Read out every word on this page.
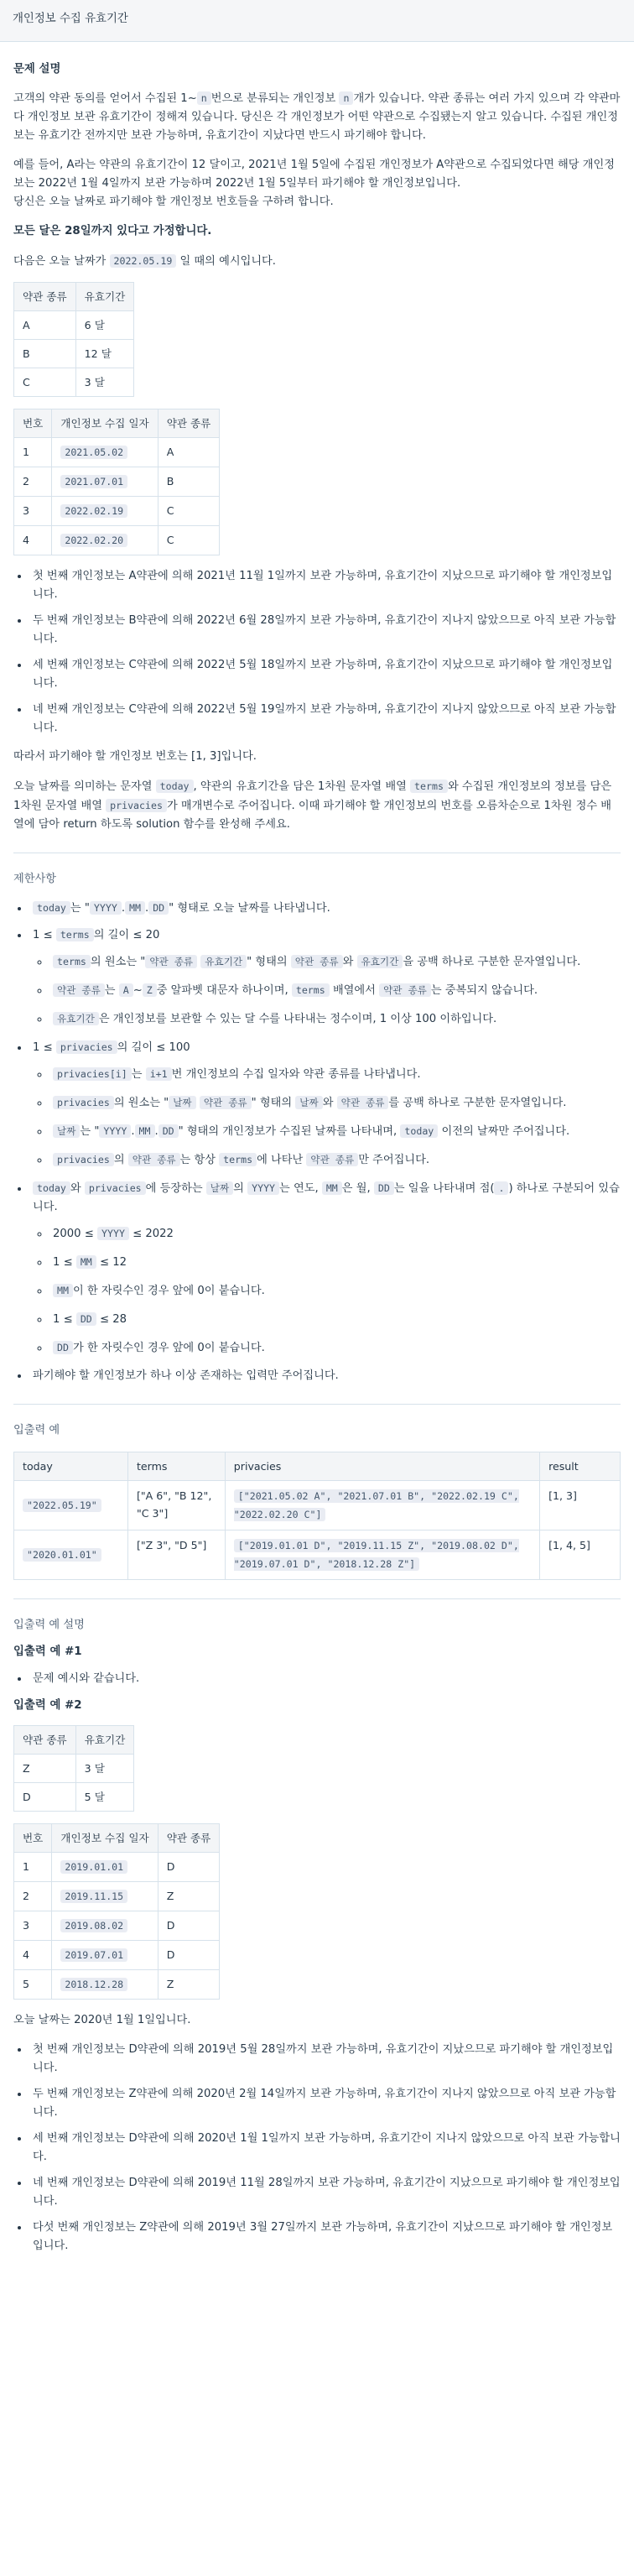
개인정보 수집 유효기간
문제 설명

고객의 약관 동의를 얻어서 수집된 1~ n 번으로 분류되는 개인정보 n 개가 있습니다. 약관 종류는 여러 가지 있으며 각 약관마다 개인정보 보관 유효기간이 정해져 있습니다. 당신은 각 개인정보가 어떤 약관으로 수집됐는지 알고 있습니다. 수집된 개인정보는 유효기간 전까지만 보관 가능하며, 유효기간이 지났다면 반드시 파기해야 합니다.

예를 들어, A라는 약관의 유효기간이 12 달이고, 2021년 1월 5일에 수집된 개인정보가 A약관으로 수집되었다면 해당 개인정보는 2022년 1월 4일까지 보관 가능하며 2022년 1월 5일부터 파기해야 할 개인정보입니다.
당신은 오늘 날짜로 파기해야 할 개인정보 번호들을 구하려 합니다.

모든 달은 28일까지 있다고 가정합니다.

다음은 오늘 날짜가 2022.05.19 일 때의 예시입니다.

약관 종류	유효기간
A	6 달
B	12 달
C	3 달
번호	개인정보 수집 일자	약관 종류
1	2021.05.02	A
2	2021.07.01	B
3	2022.02.19	C
4	2022.02.20	C
• 첫 번째 개인정보는 A약관에 의해 2021년 11월 1일까지 보관 가능하며, 유효기간이 지났으므로 파기해야 할 개인정보입니다.
• 두 번째 개인정보는 B약관에 의해 2022년 6월 28일까지 보관 가능하며, 유효기간이 지나지 않았으므로 아직 보관 가능합니다.
• 세 번째 개인정보는 C약관에 의해 2022년 5월 18일까지 보관 가능하며, 유효기간이 지났으므로 파기해야 할 개인정보입니다.
• 네 번째 개인정보는 C약관에 의해 2022년 5월 19일까지 보관 가능하며, 유효기간이 지나지 않았으므로 아직 보관 가능합니다.

따라서 파기해야 할 개인정보 번호는 [1, 3]입니다.

오늘 날짜를 의미하는 문자열 today , 약관의 유효기간을 담은 1차원 문자열 배열 terms 와 수집된 개인정보의 정보를 담은 1차원 문자열 배열 privacies 가 매개변수로 주어집니다. 이때 파기해야 할 개인정보의 번호를 오름차순으로 1차원 정수 배열에 담아 return 하도록 solution 함수를 완성해 주세요.

제한사항
• today 는 " YYYY . MM . DD " 형태로 오늘 날짜를 나타냅니다.
• 1 ≤ terms 의 길이 ≤ 20
◦ terms 의 원소는 " 약관 종류 유효기간 " 형태의 약관 종류 와 유효기간 을 공백 하나로 구분한 문자열입니다.
◦ 약관 종류 는 A ~ Z 중 알파벳 대문자 하나이며, terms 배열에서 약관 종류 는 중복되지 않습니다.
◦ 유효기간 은 개인정보를 보관할 수 있는 달 수를 나타내는 정수이며, 1 이상 100 이하입니다.
• 1 ≤ privacies 의 길이 ≤ 100
◦ privacies[i] 는 i+1 번 개인정보의 수집 일자와 약관 종류를 나타냅니다.
◦ privacies 의 원소는 " 날짜 약관 종류 " 형태의 날짜 와 약관 종류 를 공백 하나로 구분한 문자열입니다.
◦ 날짜 는 " YYYY . MM . DD " 형태의 개인정보가 수집된 날짜를 나타내며, today 이전의 날짜만 주어집니다.
◦ privacies 의 약관 종류 는 항상 terms 에 나타난 약관 종류 만 주어집니다.
• today 와 privacies 에 등장하는 날짜 의 YYYY 는 연도, MM 은 월, DD 는 일을 나타내며 점( . ) 하나로 구분되어 있습니다.
◦ 2000 ≤ YYYY ≤ 2022
◦ 1 ≤ MM ≤ 12
◦ MM 이 한 자릿수인 경우 앞에 0이 붙습니다.
◦ 1 ≤ DD ≤ 28
◦ DD 가 한 자릿수인 경우 앞에 0이 붙습니다.
• 파기해야 할 개인정보가 하나 이상 존재하는 입력만 주어집니다.
입출력 예
today	terms	privacies	result
"2022.05.19"	["A 6", "B 12", "C 3"]	["2021.05.02 A", "2021.07.01 B", "2022.02.19 C", "2022.02.20 C"]	[1, 3]
"2020.01.01"	["Z 3", "D 5"]	["2019.01.01 D", "2019.11.15 Z", "2019.08.02 D", "2019.07.01 D", "2018.12.28 Z"]	[1, 4, 5]
입출력 예 설명
입출력 예 #1
• 문제 예시와 같습니다.
입출력 예 #2
약관 종류	유효기간
Z	3 달
D	5 달
번호	개인정보 수집 일자	약관 종류
1	2019.01.01	D
2	2019.11.15	Z
3	2019.08.02	D
4	2019.07.01	D
5	2018.12.28	Z

오늘 날짜는 2020년 1월 1일입니다.

• 첫 번째 개인정보는 D약관에 의해 2019년 5월 28일까지 보관 가능하며, 유효기간이 지났으므로 파기해야 할 개인정보입니다.
• 두 번째 개인정보는 Z약관에 의해 2020년 2월 14일까지 보관 가능하며, 유효기간이 지나지 않았으므로 아직 보관 가능합니다.
• 세 번째 개인정보는 D약관에 의해 2020년 1월 1일까지 보관 가능하며, 유효기간이 지나지 않았으므로 아직 보관 가능합니다.
• 네 번째 개인정보는 D약관에 의해 2019년 11월 28일까지 보관 가능하며, 유효기간이 지났으므로 파기해야 할 개인정보입니다.
• 다섯 번째 개인정보는 Z약관에 의해 2019년 3월 27일까지 보관 가능하며, 유효기간이 지났으므로 파기해야 할 개인정보입니다.
